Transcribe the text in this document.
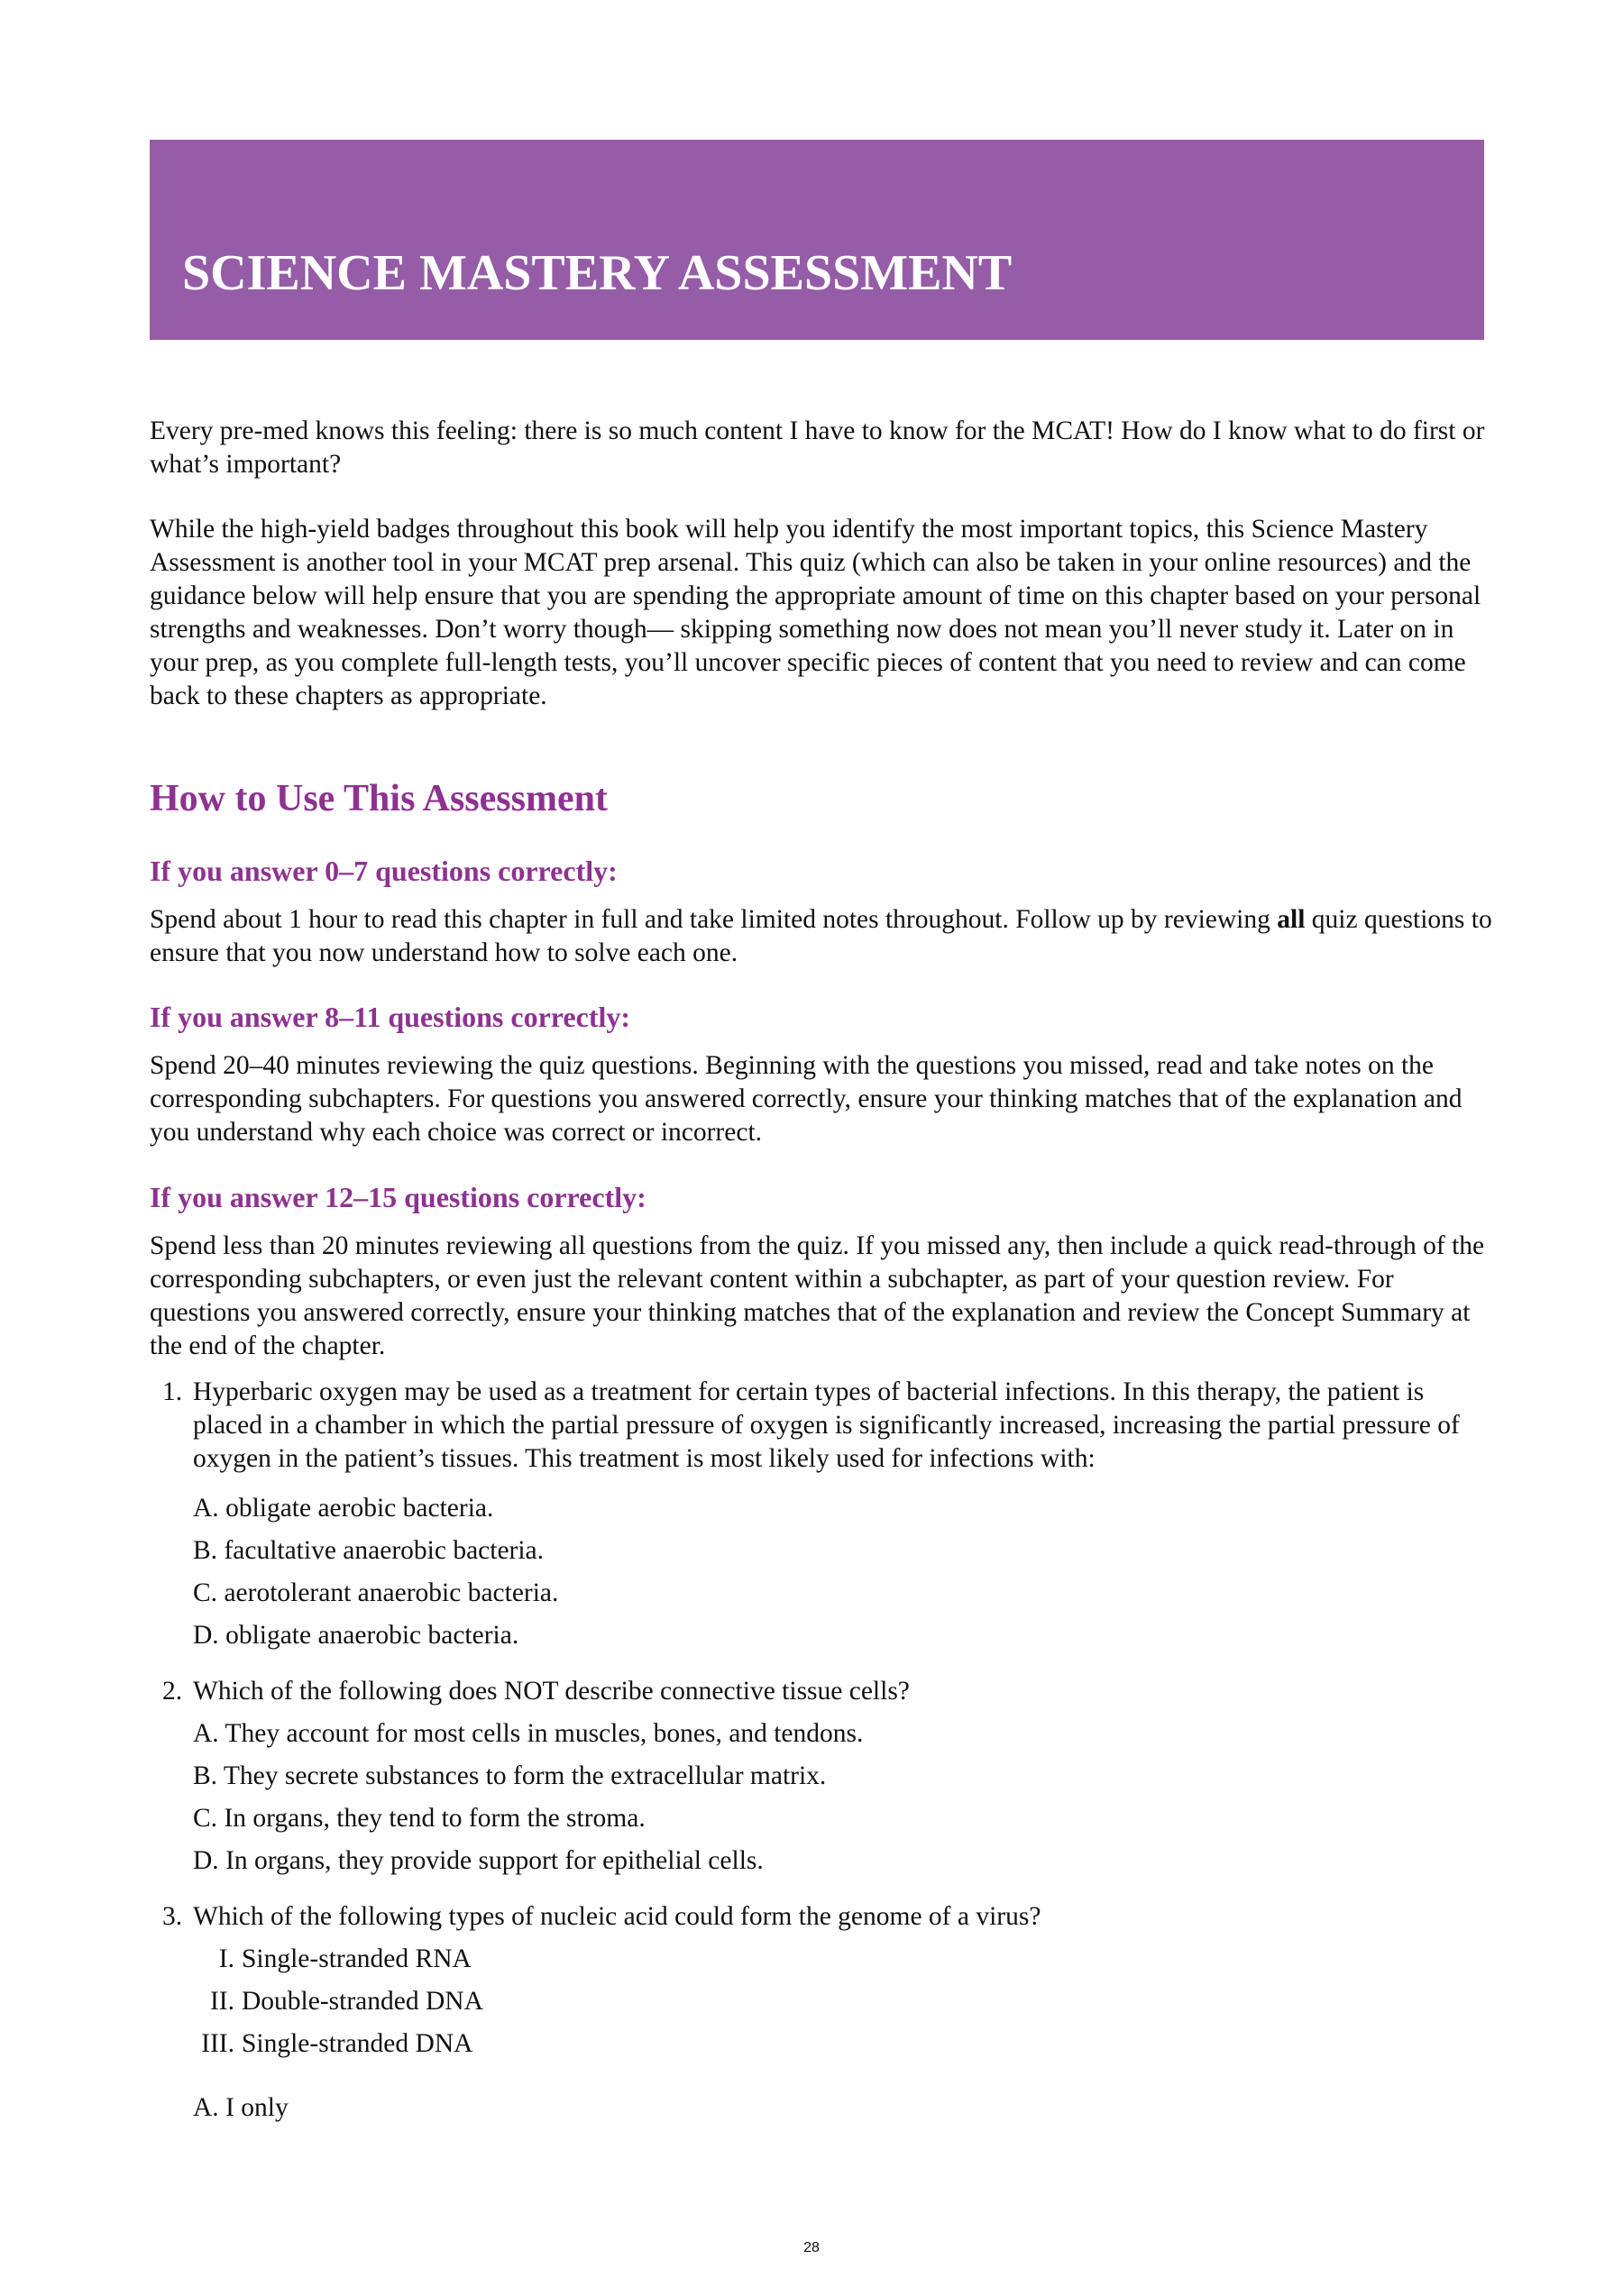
SCIENCE MASTERY ASSESSMENT

Every pre-med knows this feeling: there is so much content I have to know for the MCAT! How do I know what to do first or what’s important?

While the high-yield badges throughout this book will help you identify the most important topics, this Science Mastery Assessment is another tool in your MCAT prep arsenal. This quiz (which can also be taken in your online resources) and the guidance below will help ensure that you are spending the appropriate amount of time on this chapter based on your personal strengths and weaknesses. Don’t worry though— skipping something now does not mean you’ll never study it. Later on in your prep, as you complete full-length tests, you’ll uncover specific pieces of content that you need to review and can come back to these chapters as appropriate.

How to Use This Assessment
If you answer 0–7 questions correctly:

Spend about 1 hour to read this chapter in full and take limited notes throughout. Follow up by reviewing all quiz questions to ensure that you now understand how to solve each one.

If you answer 8–11 questions correctly:

Spend 20–40 minutes reviewing the quiz questions. Beginning with the questions you missed, read and take notes on the corresponding subchapters. For questions you answered correctly, ensure your thinking matches that of the explanation and you understand why each choice was correct or incorrect.

If you answer 12–15 questions correctly:

Spend less than 20 minutes reviewing all questions from the quiz. If you missed any, then include a quick read-through of the corresponding subchapters, or even just the relevant content within a subchapter, as part of your question review. For questions you answered correctly, ensure your thinking matches that of the explanation and review the Concept Summary at the end of the chapter.

1. Hyperbaric oxygen may be used as a treatment for certain types of bacterial infections. In this therapy, the patient is placed in a chamber in which the partial pressure of oxygen is significantly increased, increasing the partial pressure of oxygen in the patient’s tissues. This treatment is most likely used for infections with:
A. obligate aerobic bacteria.
B. facultative anaerobic bacteria.
C. aerotolerant anaerobic bacteria.
D. obligate anaerobic bacteria.
2. Which of the following does NOT describe connective tissue cells?
A. They account for most cells in muscles, bones, and tendons.
B. They secrete substances to form the extracellular matrix.
C. In organs, they tend to form the stroma.
D. In organs, they provide support for epithelial cells.
3. Which of the following types of nucleic acid could form the genome of a virus?
I. Single-stranded RNA
II. Double-stranded DNA
III. Single-stranded DNA
A. I only
28
